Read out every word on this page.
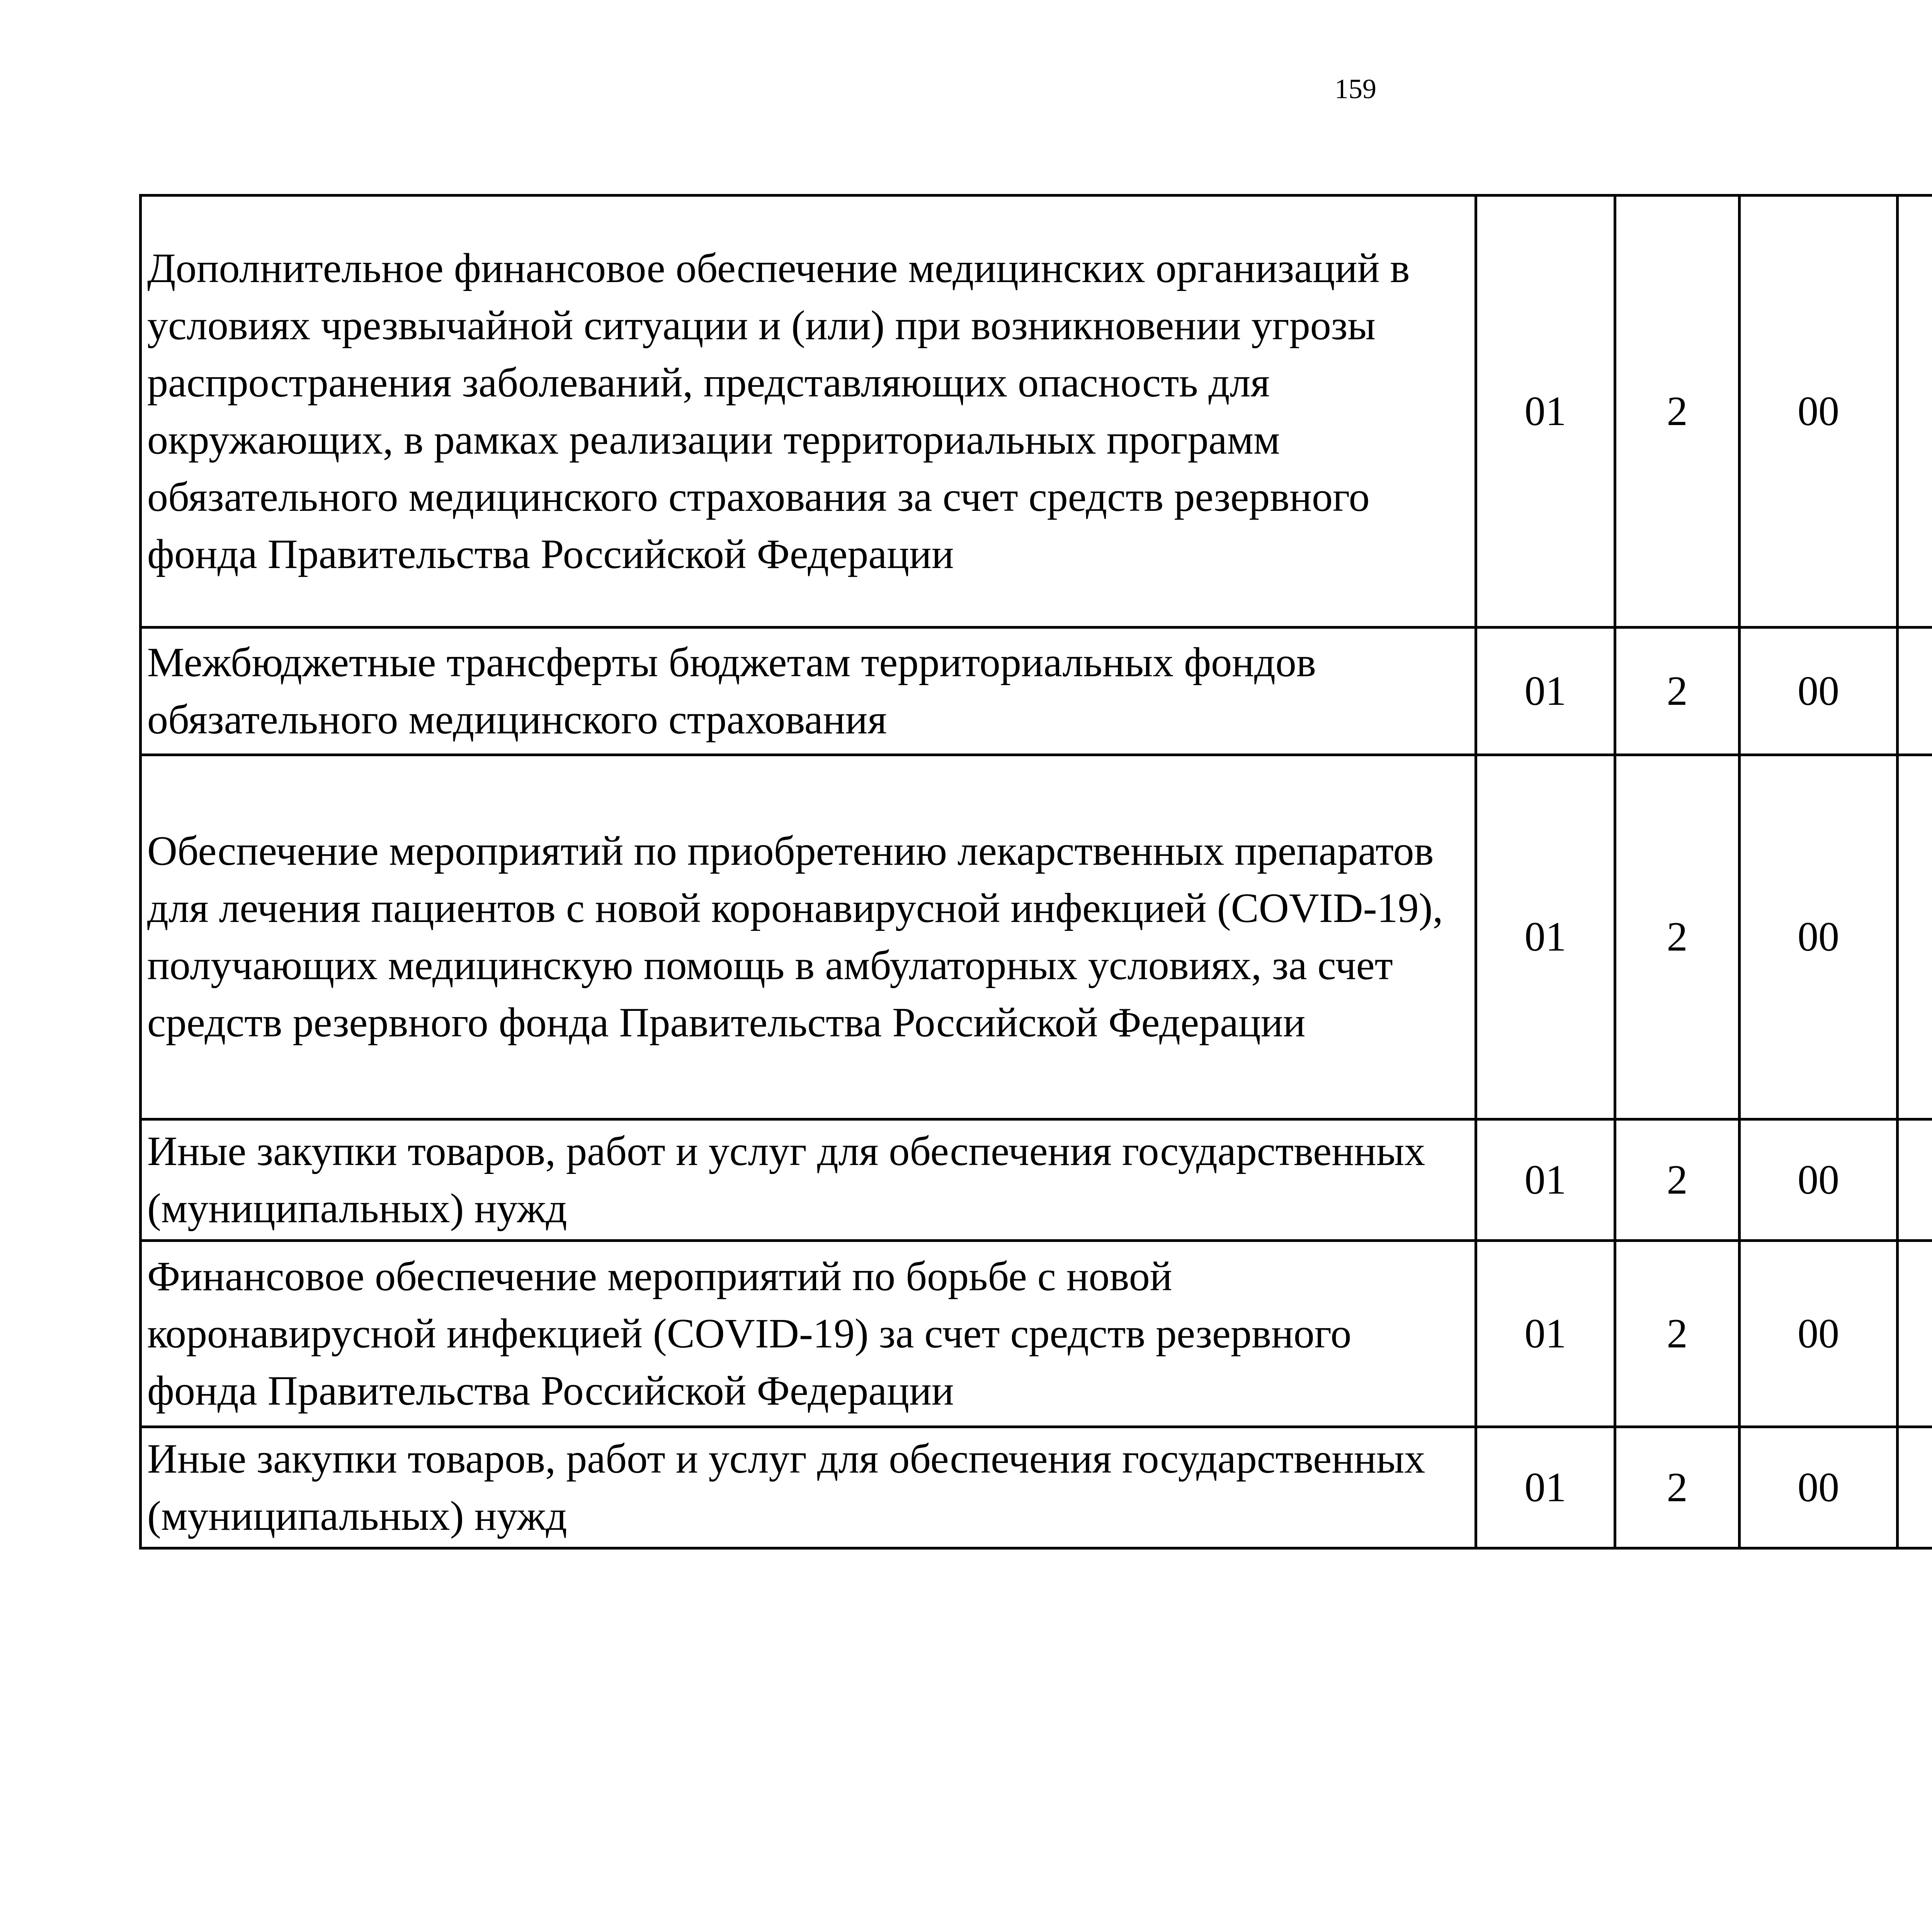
159
Дополнительное финансовое обеспечение медицинских организаций в условиях чрезвычайной ситуации и (или) при возникновении угрозы распространения заболеваний, представляющих опасность для окружающих, в рамках реализации территориальных программ обязательного медицинского страхования за счет средств резервного фонда Правительства Российской Федерации	01	2	00			
Межбюджетные трансферты бюджетам территориальных фондов обязательного медицинского страхования	01	2	00			
Обеспечение мероприятий по приобретению лекарственных препаратов для лечения пациентов с новой коронавирусной инфекцией (COVID-19), получающих медицинскую помощь в амбулаторных условиях, за счет средств резервного фонда Правительства Российской Федерации	01	2	00			
Иные закупки товаров, работ и услуг для обеспечения государственных (муниципальных) нужд	01	2	00			
Финансовое обеспечение мероприятий по борьбе с новой коронавирусной инфекцией (COVID-19) за счет средств резервного фонда Правительства Российской Федерации	01	2	00			
Иные закупки товаров, работ и услуг для обеспечения государственных (муниципальных) нужд	01	2	00			
